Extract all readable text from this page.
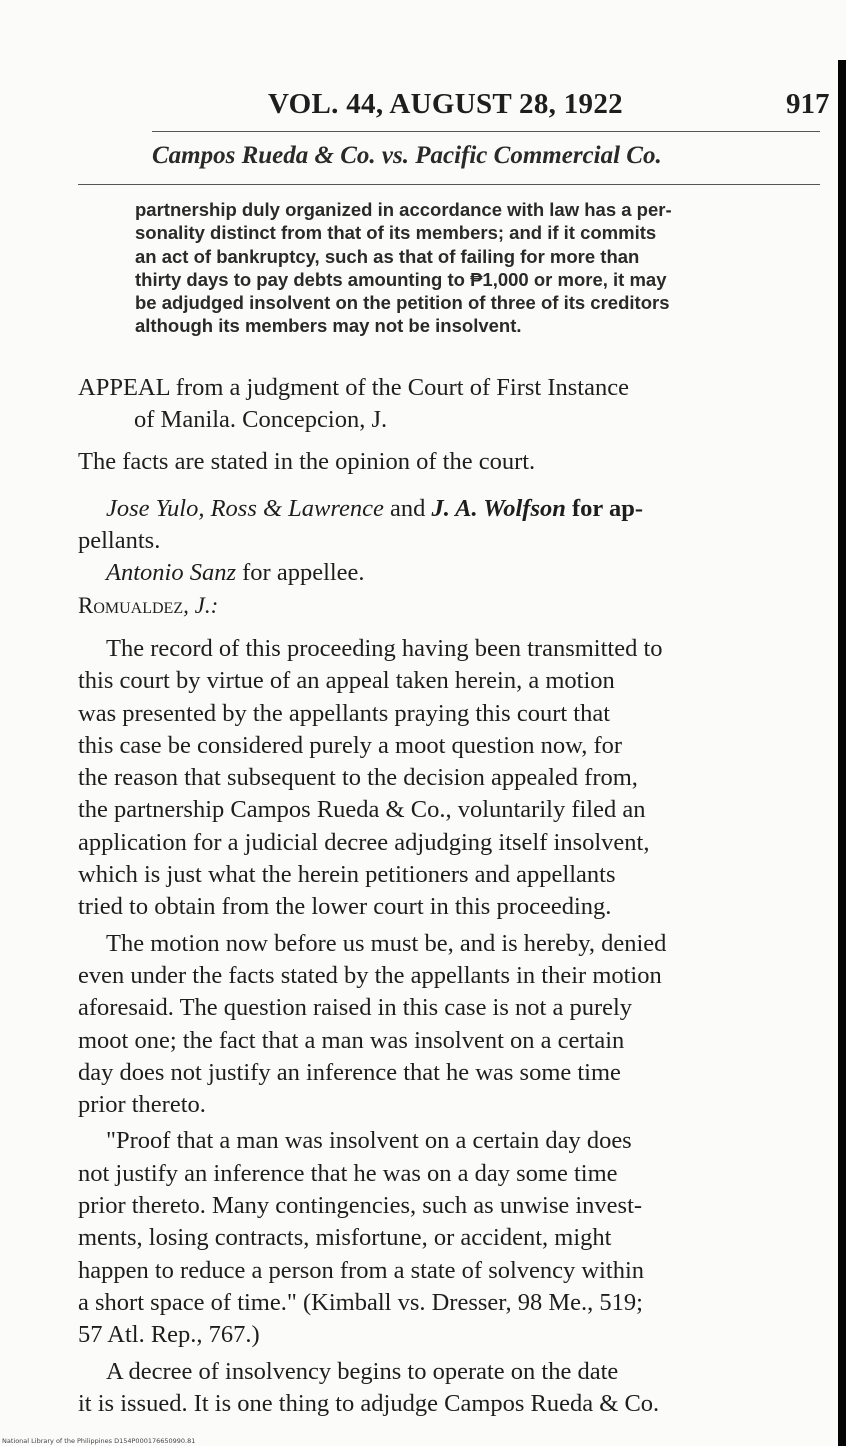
VOL. 44, AUGUST 28, 1922	917
Campos Rueda & Co. vs. Pacific Commercial Co.
partnership duly organized in accordance with law has a per-
sonality distinct from that of its members; and if it commits
an act of bankruptcy, such as that of failing for more than
thirty days to pay debts amounting to ₱1,000 or more, it may
be adjudged insolvent on the petition of three of its creditors
although its members may not be insolvent.
APPEAL from a judgment of the Court of First Instance
of Manila. Concepcion, J.
The facts are stated in the opinion of the court.
Jose Yulo, Ross & Lawrence and J. A. Wolfson for ap-
pellants.
Antonio Sanz for appellee.
Romualdez, J.:
The record of this proceeding having been transmitted to
this court by virtue of an appeal taken herein, a motion
was presented by the appellants praying this court that
this case be considered purely a moot question now, for
the reason that subsequent to the decision appealed from,
the partnership Campos Rueda & Co., voluntarily filed an
application for a judicial decree adjudging itself insolvent,
which is just what the herein petitioners and appellants
tried to obtain from the lower court in this proceeding.
The motion now before us must be, and is hereby, denied
even under the facts stated by the appellants in their motion
aforesaid. The question raised in this case is not a purely
moot one; the fact that a man was insolvent on a certain
day does not justify an inference that he was some time
prior thereto.
"Proof that a man was insolvent on a certain day does
not justify an inference that he was on a day some time
prior thereto. Many contingencies, such as unwise invest-
ments, losing contracts, misfortune, or accident, might
happen to reduce a person from a state of solvency within
a short space of time." (Kimball vs. Dresser, 98 Me., 519;
57 Atl. Rep., 767.)
A decree of insolvency begins to operate on the date
it is issued. It is one thing to adjudge Campos Rueda & Co.
National Library of the Philippines D154P000176650990.81
